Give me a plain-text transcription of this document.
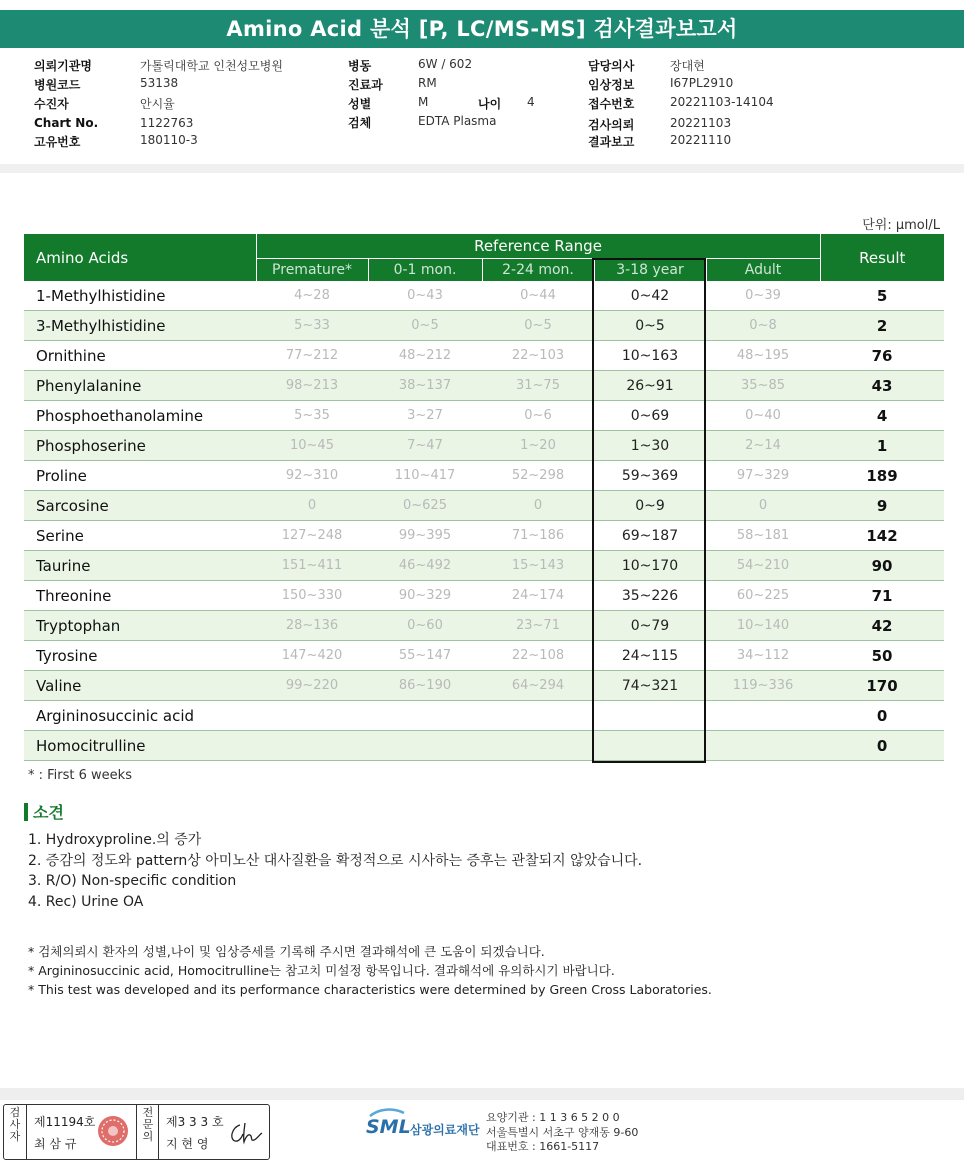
Amino Acid 분석 [P, LC/MS-MS] 검사결과보고서
의뢰기관명	가톨릭대학교 인천성모병원
병원코드	53138
수진자	안시율
Chart No.	1122763
고유번호	180110-3
병동	6W / 602
진료과	RM
성별	M	나이 4
검체	EDTA Plasma
담당의사	장대현
임상정보	I67PL2910
접수번호	20221103-14104
검사의뢰	20221103
결과보고	20221110
단위: μmol/L
Amino Acids	Reference Range					Result
	Premature*	0-1 mon.	2-24 mon.	3-18 year	Adult	
1-Methylhistidine	4~28	0~43	0~44	0~42	0~39	5
3-Methylhistidine	5~33	0~5	0~5	0~5	0~8	2
Ornithine	77~212	48~212	22~103	10~163	48~195	76
Phenylalanine	98~213	38~137	31~75	26~91	35~85	43
Phosphoethanolamine	5~35	3~27	0~6	0~69	0~40	4
Phosphoserine	10~45	7~47	1~20	1~30	2~14	1
Proline	92~310	110~417	52~298	59~369	97~329	189
Sarcosine	0	0~625	0	0~9	0	9
Serine	127~248	99~395	71~186	69~187	58~181	142
Taurine	151~411	46~492	15~143	10~170	54~210	90
Threonine	150~330	90~329	24~174	35~226	60~225	71
Tryptophan	28~136	0~60	23~71	0~79	10~140	42
Tyrosine	147~420	55~147	22~108	24~115	34~112	50
Valine	99~220	86~190	64~294	74~321	119~336	170
Argininosuccinic acid						0
Homocitrulline						0
* : First 6 weeks
소견
1. Hydroxyproline.의 증가
2. 증감의 정도와 pattern상 아미노산 대사질환을 확정적으로 시사하는 증후는 관찰되지 않았습니다.
3. R/O) Non-specific condition
4. Rec) Urine OA
* 검체의뢰시 환자의 성별,나이 및 임상증세를 기록해 주시면 결과해석에 큰 도움이 되겠습니다.
* Argininosuccinic acid, Homocitrulline는 참고치 미설정 항목입니다. 결과해석에 유의하시기 바랍니다.
* This test was developed and its performance characteristics were determined by Green Cross Laboratories.
검사자
제11194호
최 삼 규
전문의
제3 3 3 호
지 현 영
SML 삼광의료재단
요양기관 : 1 1 3 6 5 2 0 0
서울특별시 서초구 양재동 9-60
대표번호 : 1661-5117
